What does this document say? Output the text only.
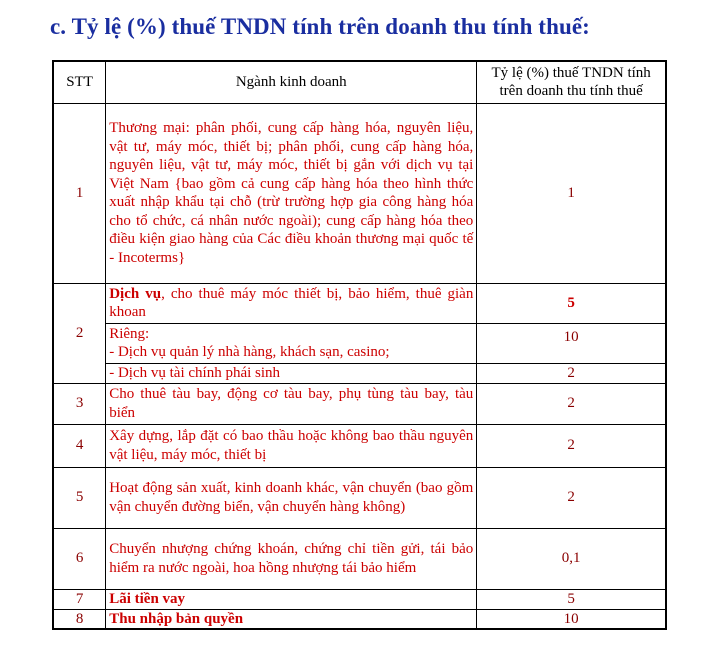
c. Tỷ lệ (%) thuế TNDN tính trên doanh thu tính thuế:
STT	Ngành kinh doanh	Tỷ lệ (%) thuế TNDN tính
trên doanh thu tính thuế

1	Thương mại: phân phối, cung cấp hàng hóa, nguyên liệu, vật tư, máy móc, thiết bị; phân phối, cung cấp hàng hóa, nguyên liệu, vật tư, máy móc, thiết bị gắn với dịch vụ tại Việt Nam {bao gồm cả cung cấp hàng hóa theo hình thức xuất nhập khẩu tại chỗ (trừ trường hợp gia công hàng hóa cho tổ chức, cá nhân nước ngoài); cung cấp hàng hóa theo điều kiện giao hàng của Các điều khoản thương mại quốc tế - Incoterms}	1
2	Dịch vụ, cho thuê máy móc thiết bị, bảo hiểm, thuê giàn khoan	5

	Riêng:
- Dịch vụ quản lý nhà hàng, khách sạn, casino;	10
	- Dịch vụ tài chính phái sinh	2
3	Cho thuê tàu bay, động cơ tàu bay, phụ tùng tàu bay, tàu biển	2
4	Xây dựng, lắp đặt có bao thầu hoặc không bao thầu nguyên vật liệu, máy móc, thiết bị	2
5	Hoạt động sản xuất, kinh doanh khác, vận chuyển (bao gồm vận chuyển đường biển, vận chuyển hàng không)	2
6	Chuyển nhượng chứng khoán, chứng chỉ tiền gửi, tái bảo hiểm ra nước ngoài, hoa hồng nhượng tái bảo hiểm	0,1
7	Lãi tiền vay	5
8	Thu nhập bản quyền	10
